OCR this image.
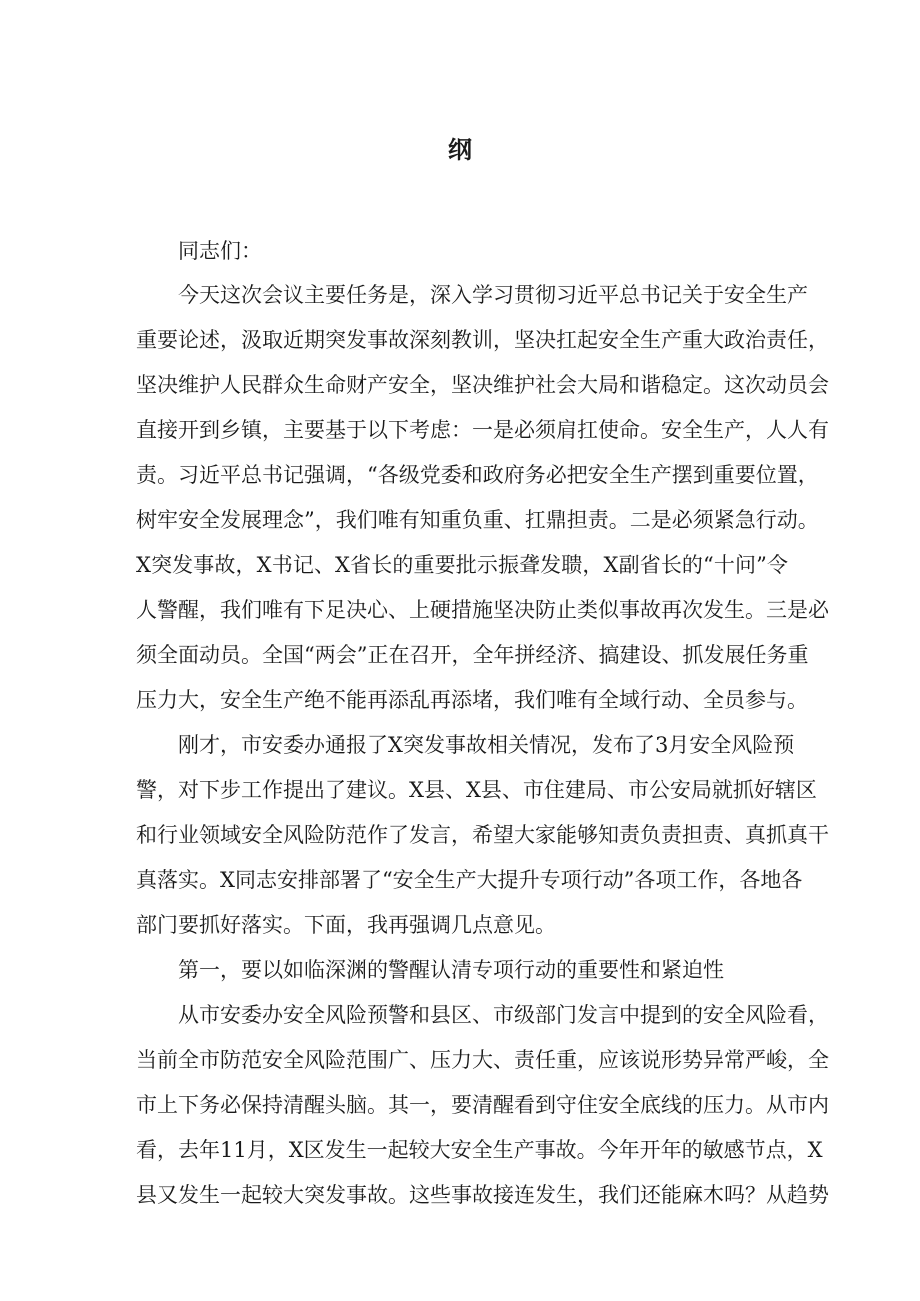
纲
同志们：
今天这次会议主要任务是，深入学习贯彻习近平总书记关于安全生产
重要论述，汲取近期突发事故深刻教训，坚决扛起安全生产重大政治责任，
坚决维护人民群众生命财产安全，坚决维护社会大局和谐稳定。这次动员会
直接开到乡镇，主要基于以下考虑：一是必须肩扛使命。安全生产，人人有
责。习近平总书记强调，“各级党委和政府务必把安全生产摆到重要位置，
树牢安全发展理念”，我们唯有知重负重、扛鼎担责。二是必须紧急行动。
X突发事故，X书记、X省长的重要批示振聋发聩，X副省长的“十问”令
人警醒，我们唯有下足决心、上硬措施坚决防止类似事故再次发生。三是必
须全面动员。全国“两会”正在召开，全年拼经济、搞建设、抓发展任务重
压力大，安全生产绝不能再添乱再添堵，我们唯有全域行动、全员参与。
刚才，市安委办通报了X突发事故相关情况，发布了3月安全风险预
警，对下步工作提出了建议。X县、X县、市住建局、市公安局就抓好辖区
和行业领域安全风险防范作了发言，希望大家能够知责负责担责、真抓真干
真落实。X同志安排部署了“安全生产大提升专项行动”各项工作，各地各
部门要抓好落实。下面，我再强调几点意见。
第一，要以如临深渊的警醒认清专项行动的重要性和紧迫性
从市安委办安全风险预警和县区、市级部门发言中提到的安全风险看，
当前全市防范安全风险范围广、压力大、责任重，应该说形势异常严峻，全
市上下务必保持清醒头脑。其一，要清醒看到守住安全底线的压力。从市内
看，去年11月，X区发生一起较大安全生产事故。今年开年的敏感节点，X
县又发生一起较大突发事故。这些事故接连发生，我们还能麻木吗？从趋势
